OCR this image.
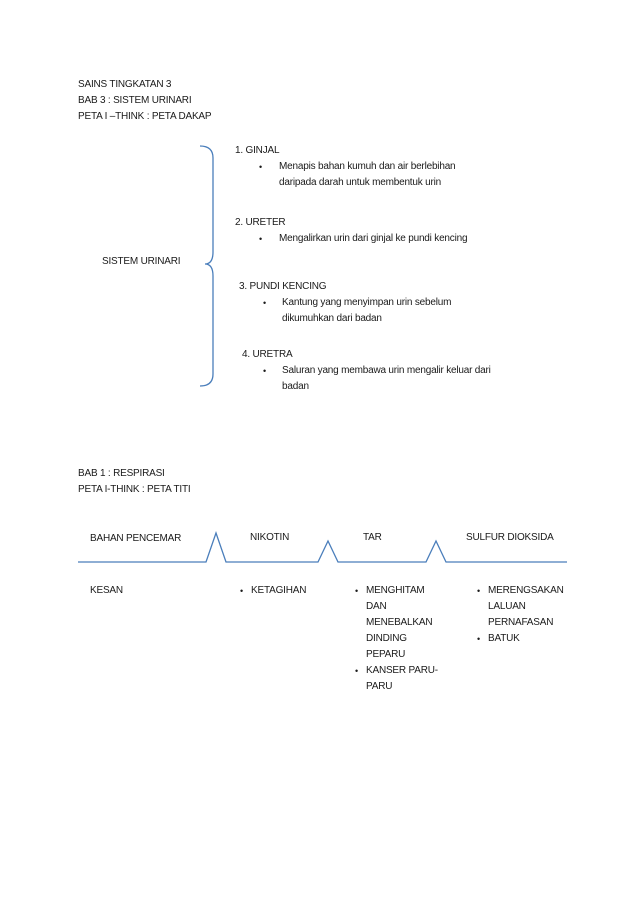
SAINS TINGKATAN 3
BAB 3 : SISTEM URINARI
PETA I –THINK : PETA DAKAP
SISTEM URINARI
1. GINJAL
• Menapis bahan kumuh dan air berlebihan
daripada darah untuk membentuk urin
2. URETER
• Mengalirkan urin dari ginjal ke pundi kencing
3. PUNDI KENCING
• Kantung yang menyimpan urin sebelum
dikumuhkan dari badan
4. URETRA
• Saluran yang membawa urin mengalir keluar dari
badan
BAB 1 : RESPIRASI
PETA I-THINK : PETA TITI
BAHAN PENCEMAR
KESAN
NIKOTIN	TAR	SULFUR DIOKSIDA
• KETAGIHAN
•	MENGHITAM DAN MENEBALKAN DINDING PEPARU
• KANSER PARU-PARU
• MERENGSAKAN LALUAN PERNAFASAN
• BATUK
